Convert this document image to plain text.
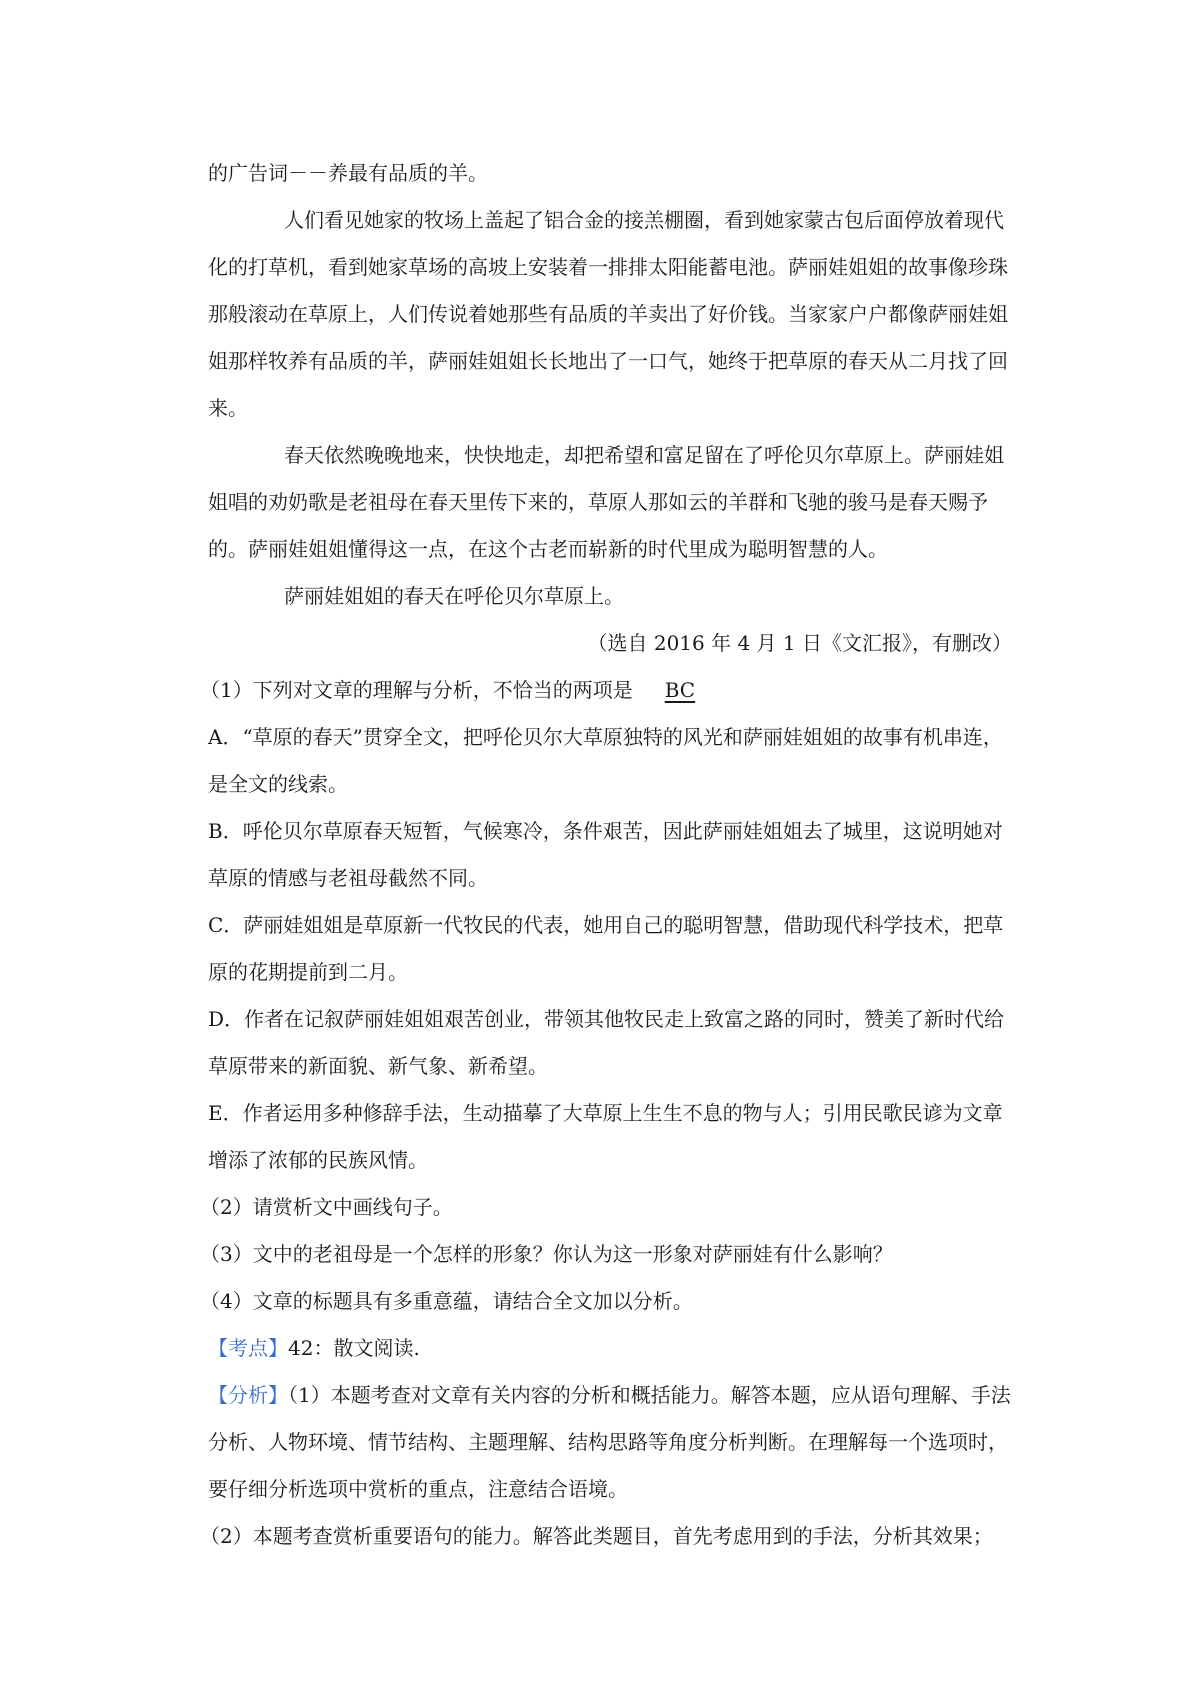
的广告词－－养最有品质的羊。

人们看见她家的牧场上盖起了铝合金的接羔棚圈，看到她家蒙古包后面停放着现代化的打草机，看到她家草场的高坡上安装着一排排太阳能蓄电池。萨丽娃姐姐的故事像珍珠那般滚动在草原上，人们传说着她那些有品质的羊卖出了好价钱。当家家户户都像萨丽娃姐姐那样牧养有品质的羊，萨丽娃姐姐长长地出了一口气，她终于把草原的春天从二月找了回来。

春天依然晚晚地来，快快地走，却把希望和富足留在了呼伦贝尔草原上。萨丽娃姐姐唱的劝奶歌是老祖母在春天里传下来的，草原人那如云的羊群和飞驰的骏马是春天赐予的。萨丽娃姐姐懂得这一点，在这个古老而崭新的时代里成为聪明智慧的人。

萨丽娃姐姐的春天在呼伦贝尔草原上。

（选自 2016 年 4 月 1 日《文汇报》，有删改）

（1）下列对文章的理解与分析，不恰当的两项是 BC

A．“草原的春天”贯穿全文，把呼伦贝尔大草原独特的风光和萨丽娃姐姐的故事有机串连，是全文的线索。

B．呼伦贝尔草原春天短暂，气候寒冷，条件艰苦，因此萨丽娃姐姐去了城里，这说明她对草原的情感与老祖母截然不同。

C．萨丽娃姐姐是草原新一代牧民的代表，她用自己的聪明智慧，借助现代科学技术，把草原的花期提前到二月。

D．作者在记叙萨丽娃姐姐艰苦创业，带领其他牧民走上致富之路的同时，赞美了新时代给草原带来的新面貌、新气象、新希望。

E．作者运用多种修辞手法，生动描摹了大草原上生生不息的物与人；引用民歌民谚为文章增添了浓郁的民族风情。

（2）请赏析文中画线句子。

（3）文中的老祖母是一个怎样的形象？你认为这一形象对萨丽娃有什么影响？

（4）文章的标题具有多重意蕴，请结合全文加以分析。

【考点】42：散文阅读.

【分析】（1）本题考查对文章有关内容的分析和概括能力。解答本题，应从语句理解、手法分析、人物环境、情节结构、主题理解、结构思路等角度分析判断。在理解每一个选项时，要仔细分析选项中赏析的重点，注意结合语境。

（2）本题考查赏析重要语句的能力。解答此类题目，首先考虑用到的手法，分析其效果；
